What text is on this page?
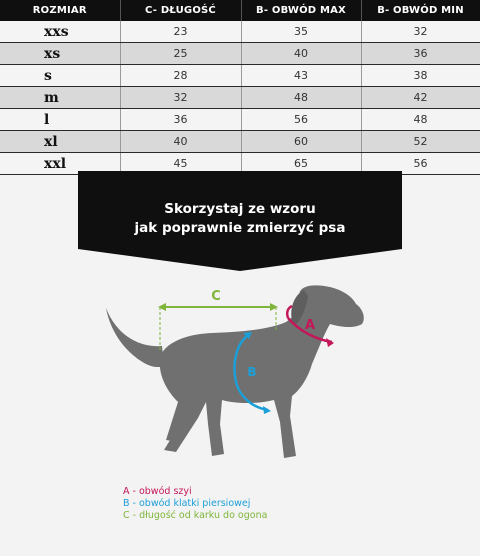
ROZMIAR	C- DŁUGOŚĆ	B- OBWÓD MAX	B- OBWÓD MIN
xxs	23	35	32
xs	25	40	36
s	28	43	38
m	32	48	42
l	36	56	48
xl	40	60	52
xxl	45	65	56
Skorzystaj ze wzoru
jak poprawnie zmierzyć psa
C
A
B
A - obwód szyi
B - obwód klatki piersiowej
C - długość od karku do ogona
